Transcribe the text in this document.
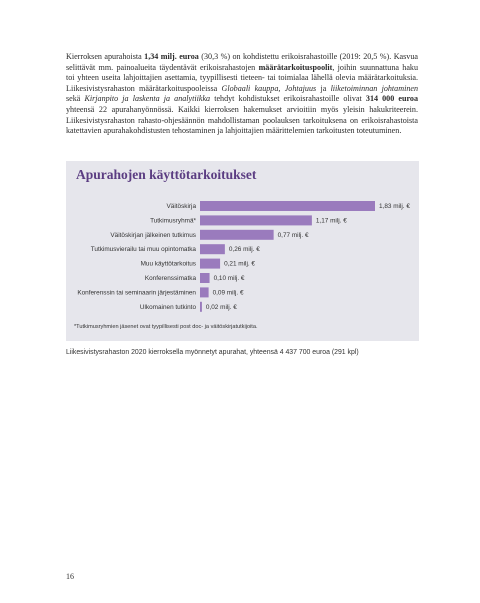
Kierroksen apurahoista 1,34 milj. euroa (30,3 %) on kohdistettu erikoisrahastoille (2019: 20,5 %). Kasvua selittävät mm. painoalueita täydentävät erikoisrahastojen määrätarkoituspoolit, joihin suunnattuna haku toi yhteen useita lahjoittajien asettamia, tyypillisesti tieteen- tai toimialaa lähellä olevia määrätarkoituksia. Liikesivistysrahaston määrätarkoituspooleissa Globaali kauppa, Johtajuus ja liiketoiminnan johtaminen sekä Kirjanpito ja laskenta ja analytiikka tehdyt kohdistukset erikoisrahastoille olivat 314 000 euroa yhteensä 22 apurahanyönnössä. Kaikki kierroksen hakemukset arvioitiin myös yleisin hakukriteerein. Liikesivistysrahaston rahasto-ohjesäännön mahdollistaman poolauksen tarkoituksena on erikoisrahastoista katettavien apurahakohdistusten tehostaminen ja lahjoittajien määrittelemien tarkoitusten toteutuminen.

Väitöskirja	1,83 milj. €
Tutkimusryhmä*	1,17 milj. €
Väitöskirjan jälkeinen tutkimus	0,77 milj. €
Tutkimusvierailu tai muu opintomatka	0,26 milj. €
Muu käyttötarkoitus	0,21 milj. €
Konferenssimatka	0,10 milj. €
Konferenssin tai seminaarin järjestäminen	0,09 milj. €
Ulkomainen tutkinto 0,02 milj. €
Apurahojen käyttötarkoitukset
*Tutkimusryhmien jäsenet ovat tyypillisesti post doc- ja väitöskirjatutkijoita.
Liikesivistysrahaston 2020 kierroksella myönnetyt apurahat, yhteensä 4 437 700 euroa (291 kpl)
16
